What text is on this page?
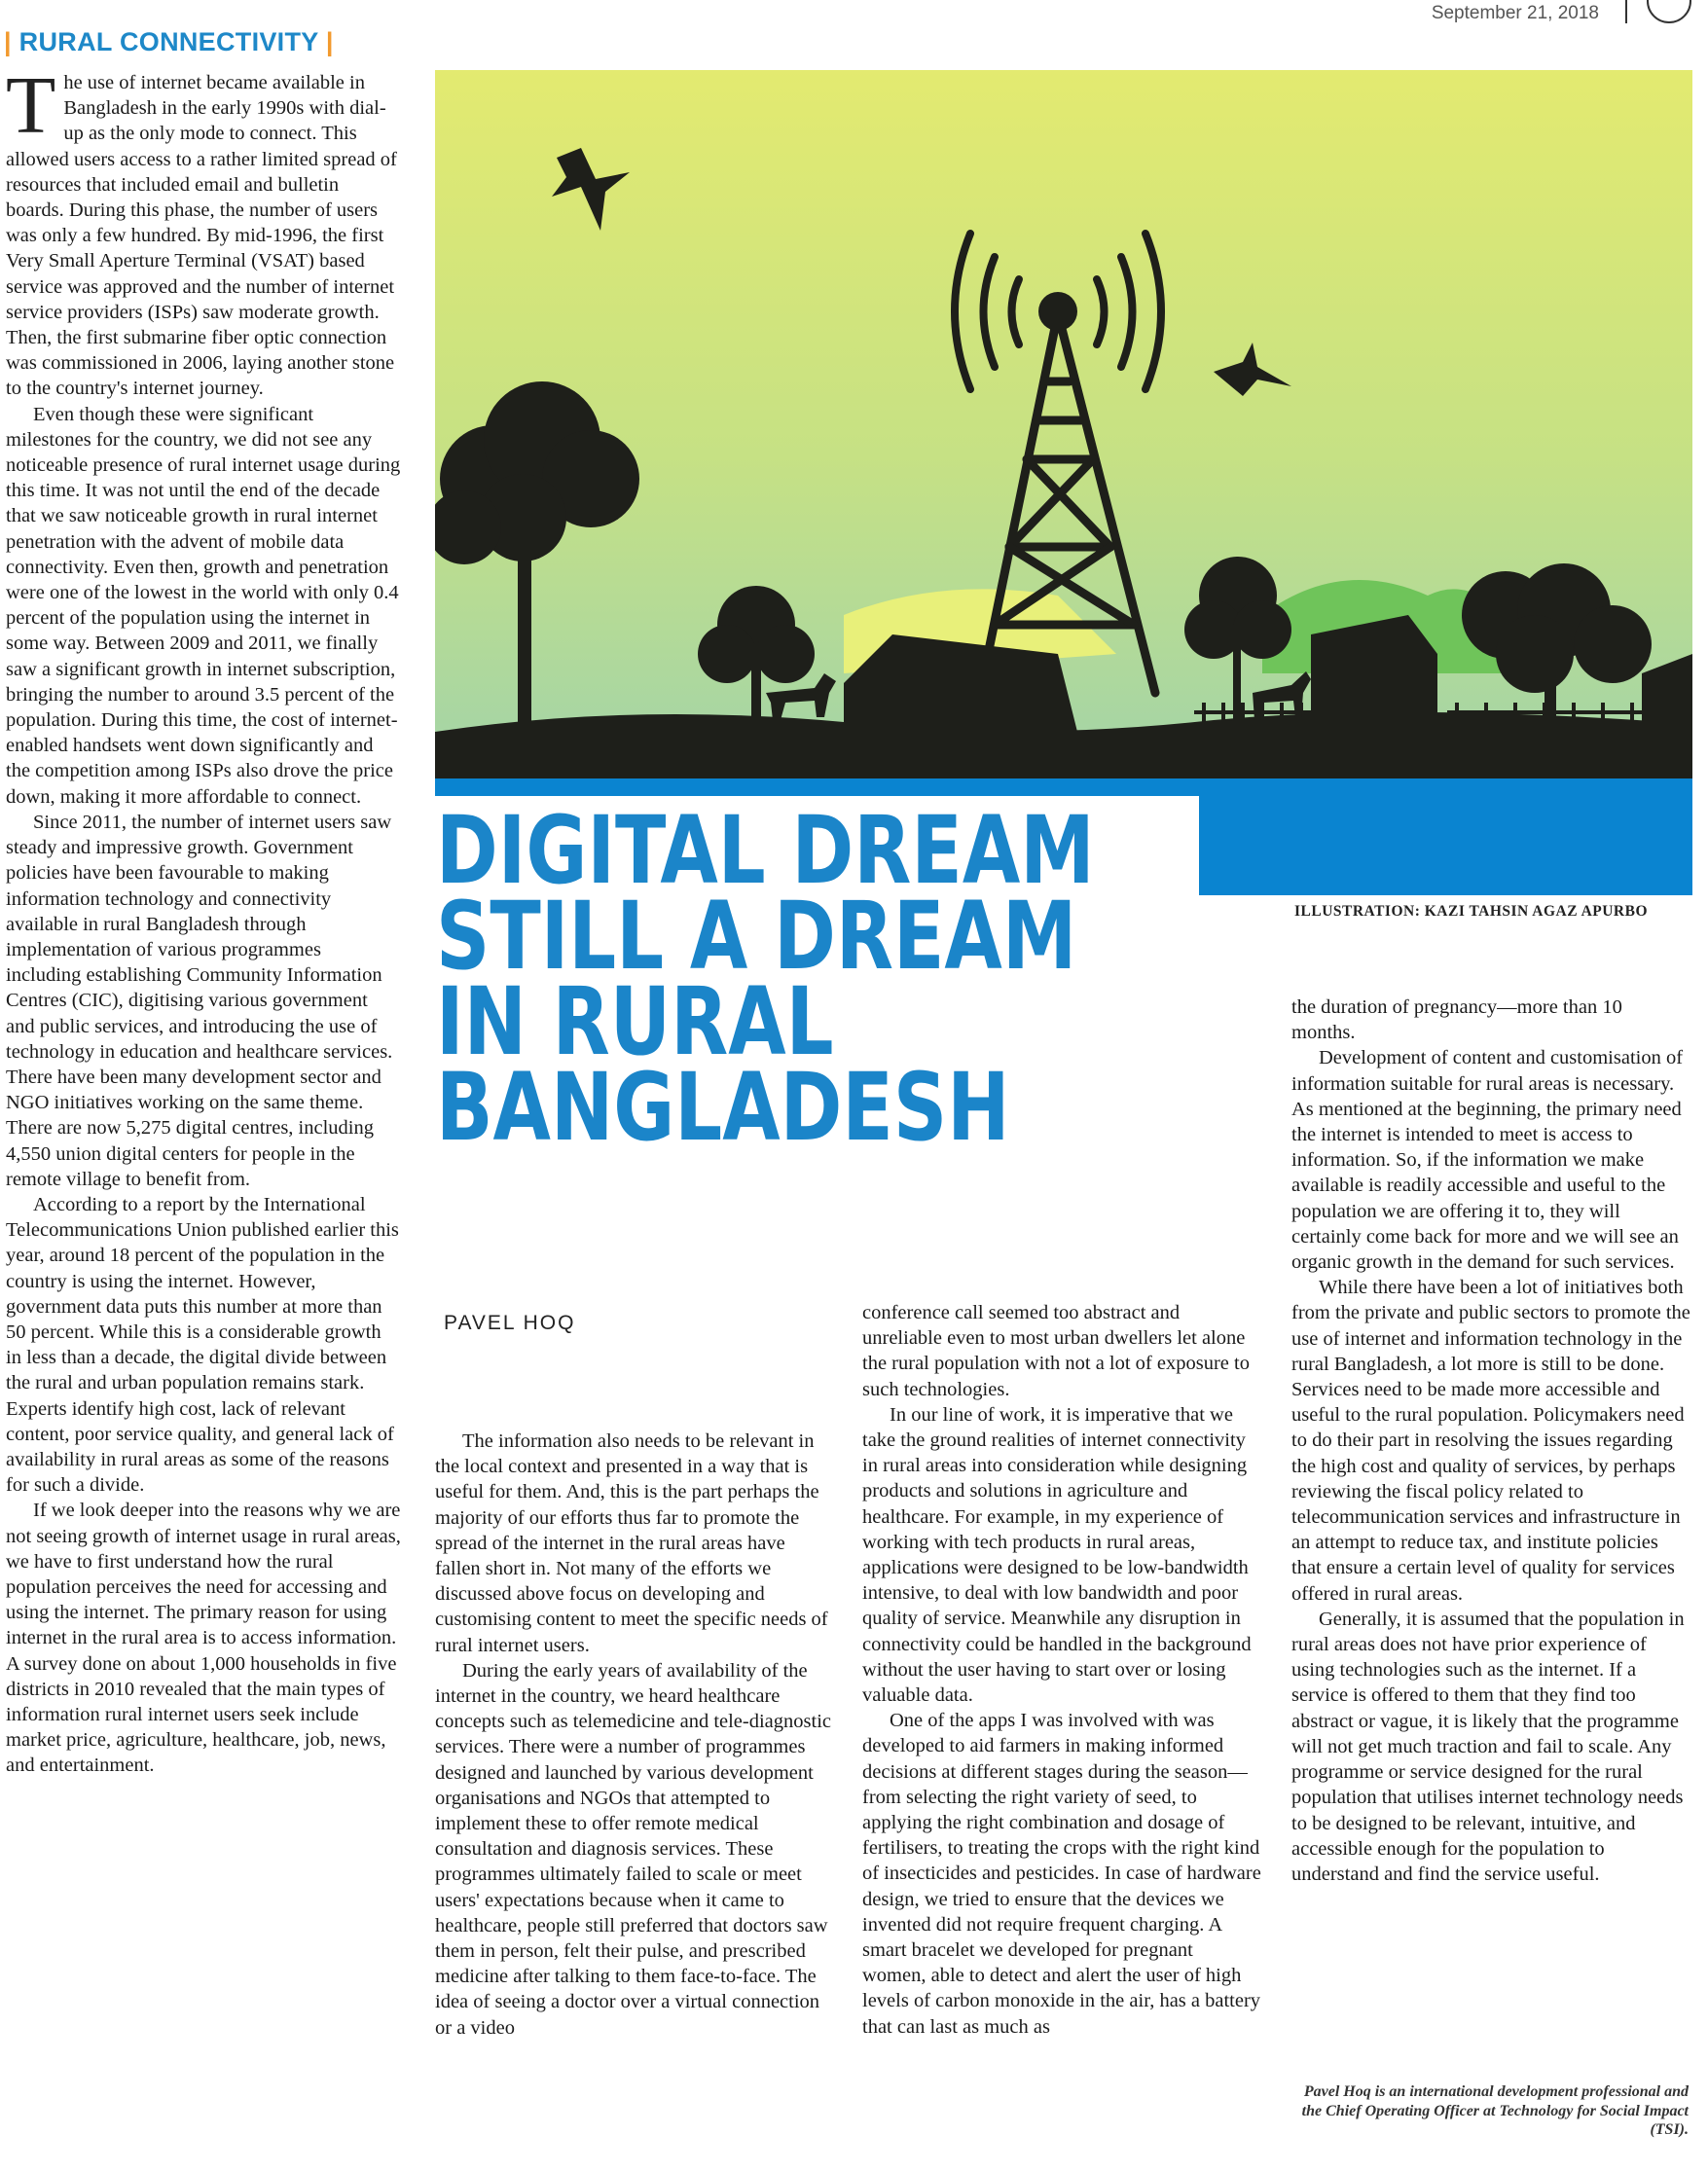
| RURAL CONNECTIVITY |
September 21, 2018

The use of internet became available in Bangladesh in the early 1990s with dial-up as the only mode to connect. This allowed users access to a rather limited spread of resources that included email and bulletin boards. During this phase, the number of users was only a few hundred. By mid-1996, the first Very Small Aperture Terminal (VSAT) based service was approved and the number of internet service providers (ISPs) saw moderate growth. Then, the first submarine fiber optic connection was commissioned in 2006, laying another stone to the country's internet journey.

Even though these were significant milestones for the country, we did not see any noticeable presence of rural internet usage during this time. It was not until the end of the decade that we saw noticeable growth in rural internet penetration with the advent of mobile data connectivity. Even then, growth and penetration were one of the lowest in the world with only 0.4 percent of the population using the internet in some way. Between 2009 and 2011, we finally saw a significant growth in internet subscription, bringing the number to around 3.5 percent of the population. During this time, the cost of internet-enabled handsets went down significantly and the competition among ISPs also drove the price down, making it more affordable to connect.

Since 2011, the number of internet users saw steady and impressive growth. Government policies have been favourable to making information technology and connectivity available in rural Bangladesh through implementation of various programmes including establishing Community Information Centres (CIC), digitising various government and public services, and introducing the use of technology in education and healthcare services. There have been many development sector and NGO initiatives working on the same theme. There are now 5,275 digital centres, including 4,550 union digital centers for people in the remote village to benefit from.

According to a report by the International Telecommunications Union published earlier this year, around 18 percent of the population in the country is using the internet. However, government data puts this number at more than 50 percent. While this is a considerable growth in less than a decade, the digital divide between the rural and urban population remains stark. Experts identify high cost, lack of relevant content, poor service quality, and general lack of availability in rural areas as some of the reasons for such a divide.

If we look deeper into the reasons why we are not seeing growth of internet usage in rural areas, we have to first understand how the rural population perceives the need for accessing and using the internet. The primary reason for using internet in the rural area is to access information. A survey done on about 1,000 households in five districts in 2010 revealed that the main types of information rural internet users seek include market price, agriculture, healthcare, job, news, and entertainment.

DIGITAL DREAM
STILL A DREAM
IN RURAL
BANGLADESH
ILLUSTRATION: KAZI TAHSIN AGAZ APURBO
PAVEL HOQ

The information also needs to be relevant in the local context and presented in a way that is useful for them. And, this is the part perhaps the majority of our efforts thus far to promote the spread of the internet in the rural areas have fallen short in. Not many of the efforts we discussed above focus on developing and customising content to meet the specific needs of rural internet users.

During the early years of availability of the internet in the country, we heard healthcare concepts such as telemedicine and tele-diagnostic services. There were a number of programmes designed and launched by various development organisations and NGOs that attempted to implement these to offer remote medical consultation and diagnosis services. These programmes ultimately failed to scale or meet users' expectations because when it came to healthcare, people still preferred that doctors saw them in person, felt their pulse, and prescribed medicine after talking to them face-to-face. The idea of seeing a doctor over a virtual connection or a video

conference call seemed too abstract and unreliable even to most urban dwellers let alone the rural population with not a lot of exposure to such technologies.

In our line of work, it is imperative that we take the ground realities of internet connectivity in rural areas into consideration while designing products and solutions in agriculture and healthcare. For example, in my experience of working with tech products in rural areas, applications were designed to be low-bandwidth intensive, to deal with low bandwidth and poor quality of service. Meanwhile any disruption in connectivity could be handled in the background without the user having to start over or losing valuable data.

One of the apps I was involved with was developed to aid farmers in making informed decisions at different stages during the season—from selecting the right variety of seed, to applying the right combination and dosage of fertilisers, to treating the crops with the right kind of insecticides and pesticides. In case of hardware design, we tried to ensure that the devices we invented did not require frequent charging. A smart bracelet we developed for pregnant women, able to detect and alert the user of high levels of carbon monoxide in the air, has a battery that can last as much as

the duration of pregnancy—more than 10 months.

Development of content and customisation of information suitable for rural areas is necessary. As mentioned at the beginning, the primary need the internet is intended to meet is access to information. So, if the information we make available is readily accessible and useful to the population we are offering it to, they will certainly come back for more and we will see an organic growth in the demand for such services.

While there have been a lot of initiatives both from the private and public sectors to promote the use of internet and information technology in the rural Bangladesh, a lot more is still to be done. Services need to be made more accessible and useful to the rural population. Policymakers need to do their part in resolving the issues regarding the high cost and quality of services, by perhaps reviewing the fiscal policy related to telecommunication services and infrastructure in an attempt to reduce tax, and institute policies that ensure a certain level of quality for services offered in rural areas.

Generally, it is assumed that the population in rural areas does not have prior experience of using technologies such as the internet. If a service is offered to them that they find too abstract or vague, it is likely that the programme will not get much traction and fail to scale. Any programme or service designed for the rural population that utilises internet technology needs to be designed to be relevant, intuitive, and accessible enough for the population to understand and find the service useful.

Pavel Hoq is an international development professional and the Chief Operating Officer at Technology for Social Impact (TSI).
